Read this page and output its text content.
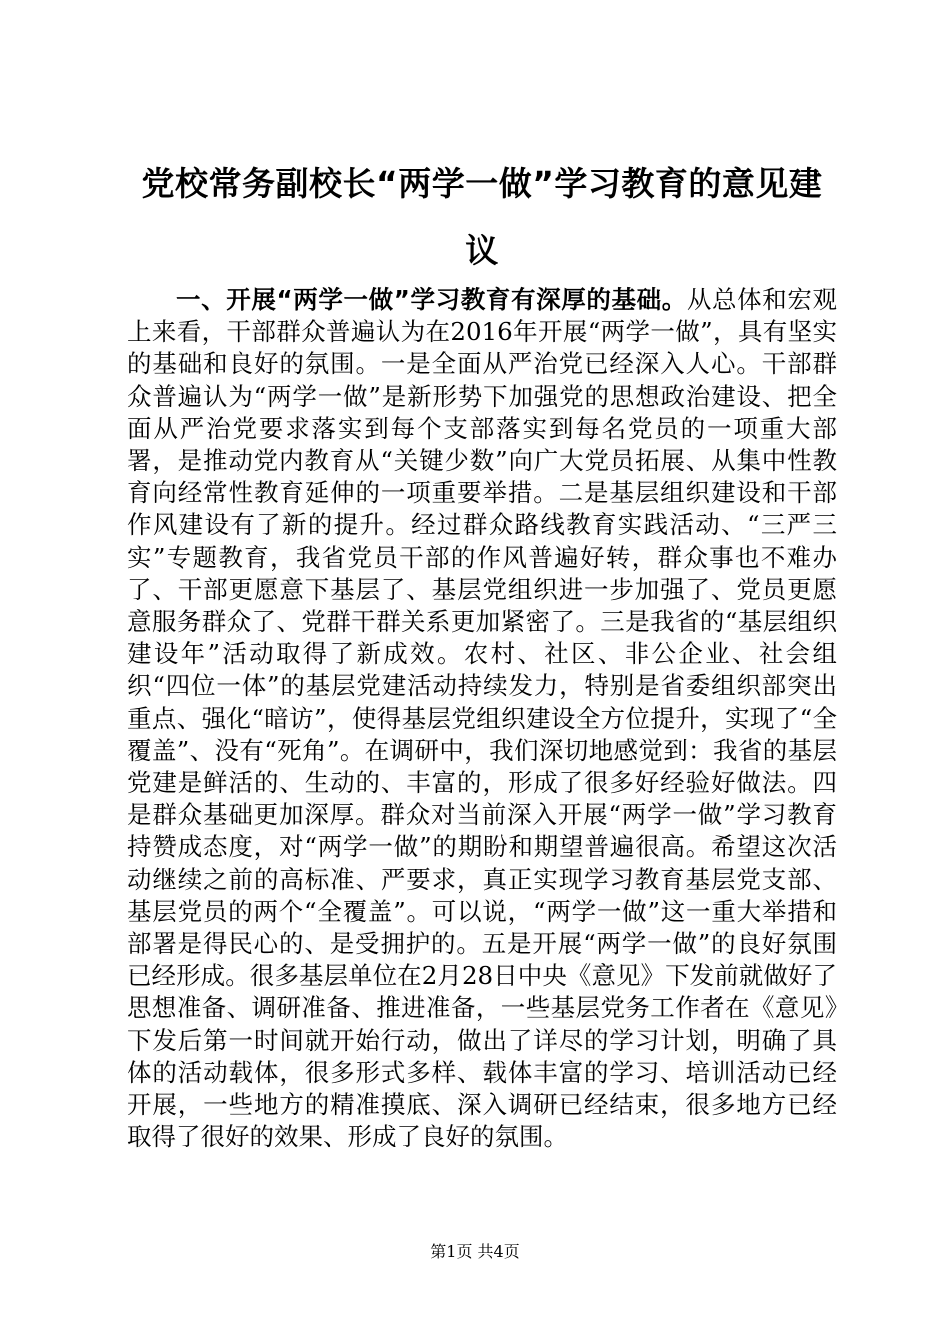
党校常务副校长“两学一做”学习教育的意见建议

一、开展“两学一做”学习教育有深厚的基础。从总体和宏观上来看，干部群众普遍认为在2016年开展“两学一做”，具有坚实的基础和良好的氛围。一是全面从严治党已经深入人心。干部群众普遍认为“两学一做”是新形势下加强党的思想政治建设、把全面从严治党要求落实到每个支部落实到每名党员的一项重大部署，是推动党内教育从“关键少数”向广大党员拓展、从集中性教育向经常性教育延伸的一项重要举措。二是基层组织建设和干部作风建设有了新的提升。经过群众路线教育实践活动、“三严三实”专题教育，我省党员干部的作风普遍好转，群众事也不难办了、干部更愿意下基层了、基层党组织进一步加强了、党员更愿意服务群众了、党群干群关系更加紧密了。三是我省的“基层组织建设年”活动取得了新成效。农村、社区、非公企业、社会组织“四位一体”的基层党建活动持续发力，特别是省委组织部突出重点、强化“暗访”，使得基层党组织建设全方位提升，实现了“全覆盖”、没有“死角”。在调研中，我们深切地感觉到：我省的基层党建是鲜活的、生动的、丰富的，形成了很多好经验好做法。四是群众基础更加深厚。群众对当前深入开展“两学一做”学习教育持赞成态度，对“两学一做”的期盼和期望普遍很高。希望这次活动继续之前的高标准、严要求，真正实现学习教育基层党支部、基层党员的两个“全覆盖”。可以说，“两学一做”这一重大举措和部署是得民心的、是受拥护的。五是开展“两学一做”的良好氛围已经形成。很多基层单位在2月28日中央《意见》下发前就做好了思想准备、调研准备、推进准备，一些基层党务工作者在《意见》下发后第一时间就开始行动，做出了详尽的学习计划，明确了具体的活动载体，很多形式多样、载体丰富的学习、培训活动已经开展，一些地方的精准摸底、深入调研已经结束，很多地方已经取得了很好的效果、形成了良好的氛围。

第1页 共4页
